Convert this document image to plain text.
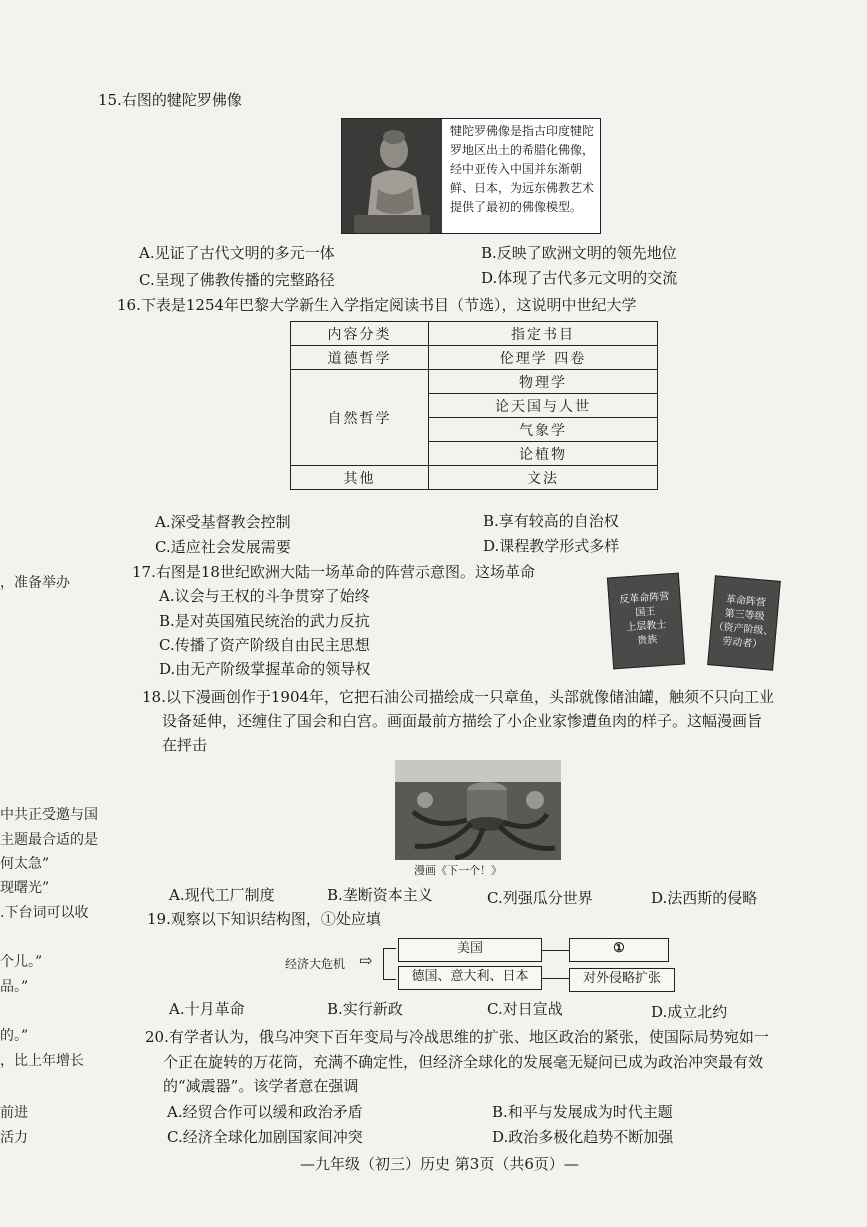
，准备举办
中共正受邀与国
主题最合适的是
何太急”
现曙光”
.下台词可以收
个儿。”
品。”
的。”
，比上年增长
前进
活力
15.右图的犍陀罗佛像
犍陀罗佛像是指古印度犍陀罗地区出土的希腊化佛像，经中亚传入中国并东渐朝鲜、日本，为远东佛教艺术提供了最初的佛像模型。
A.见证了古代文明的多元一体	B.反映了欧洲文明的领先地位
C.呈现了佛教传播的完整路径	D.体现了古代多元文明的交流
16.下表是1254年巴黎大学新生入学指定阅读书目（节选），这说明中世纪大学
内容分类	指定书目
道德哲学	伦理学 四卷
自然哲学	物理学
	论天国与人世
	气象学
	论植物
其他	文法
A.深受基督教会控制	B.享有较高的自治权
C.适应社会发展需要	D.课程教学形式多样
17.右图是18世纪欧洲大陆一场革命的阵营示意图。这场革命
A.议会与王权的斗争贯穿了始终
B.是对英国殖民统治的武力反抗
C.传播了资产阶级自由民主思想
D.由无产阶级掌握革命的领导权
反革命阵营
国王
上层教士
贵族
革命阵营
第三等级
（资产阶级、
劳动者）
18.以下漫画创作于1904年，它把石油公司描绘成一只章鱼，头部就像储油罐，触须不只向工业
设备延伸，还缠住了国会和白宫。画面最前方描绘了小企业家惨遭鱼肉的样子。这幅漫画旨
在抨击
漫画《下一个！》
A.现代工厂制度	B.垄断资本主义	C.列强瓜分世界	D.法西斯的侵略
19.观察以下知识结构图，①处应填
经济大危机 ⇨
美国	①
德国、意大利、日本	对外侵略扩张
A.十月革命	B.实行新政	C.对日宣战	D.成立北约
20.有学者认为，俄乌冲突下百年变局与冷战思维的扩张、地区政治的紧张，使国际局势宛如一
个正在旋转的万花筒，充满不确定性，但经济全球化的发展毫无疑问已成为政治冲突最有效
的“减震器”。该学者意在强调
A.经贸合作可以缓和政治矛盾	B.和平与发展成为时代主题
C.经济全球化加剧国家间冲突	D.政治多极化趋势不断加强
—九年级（初三）历史 第3页（共6页）—
